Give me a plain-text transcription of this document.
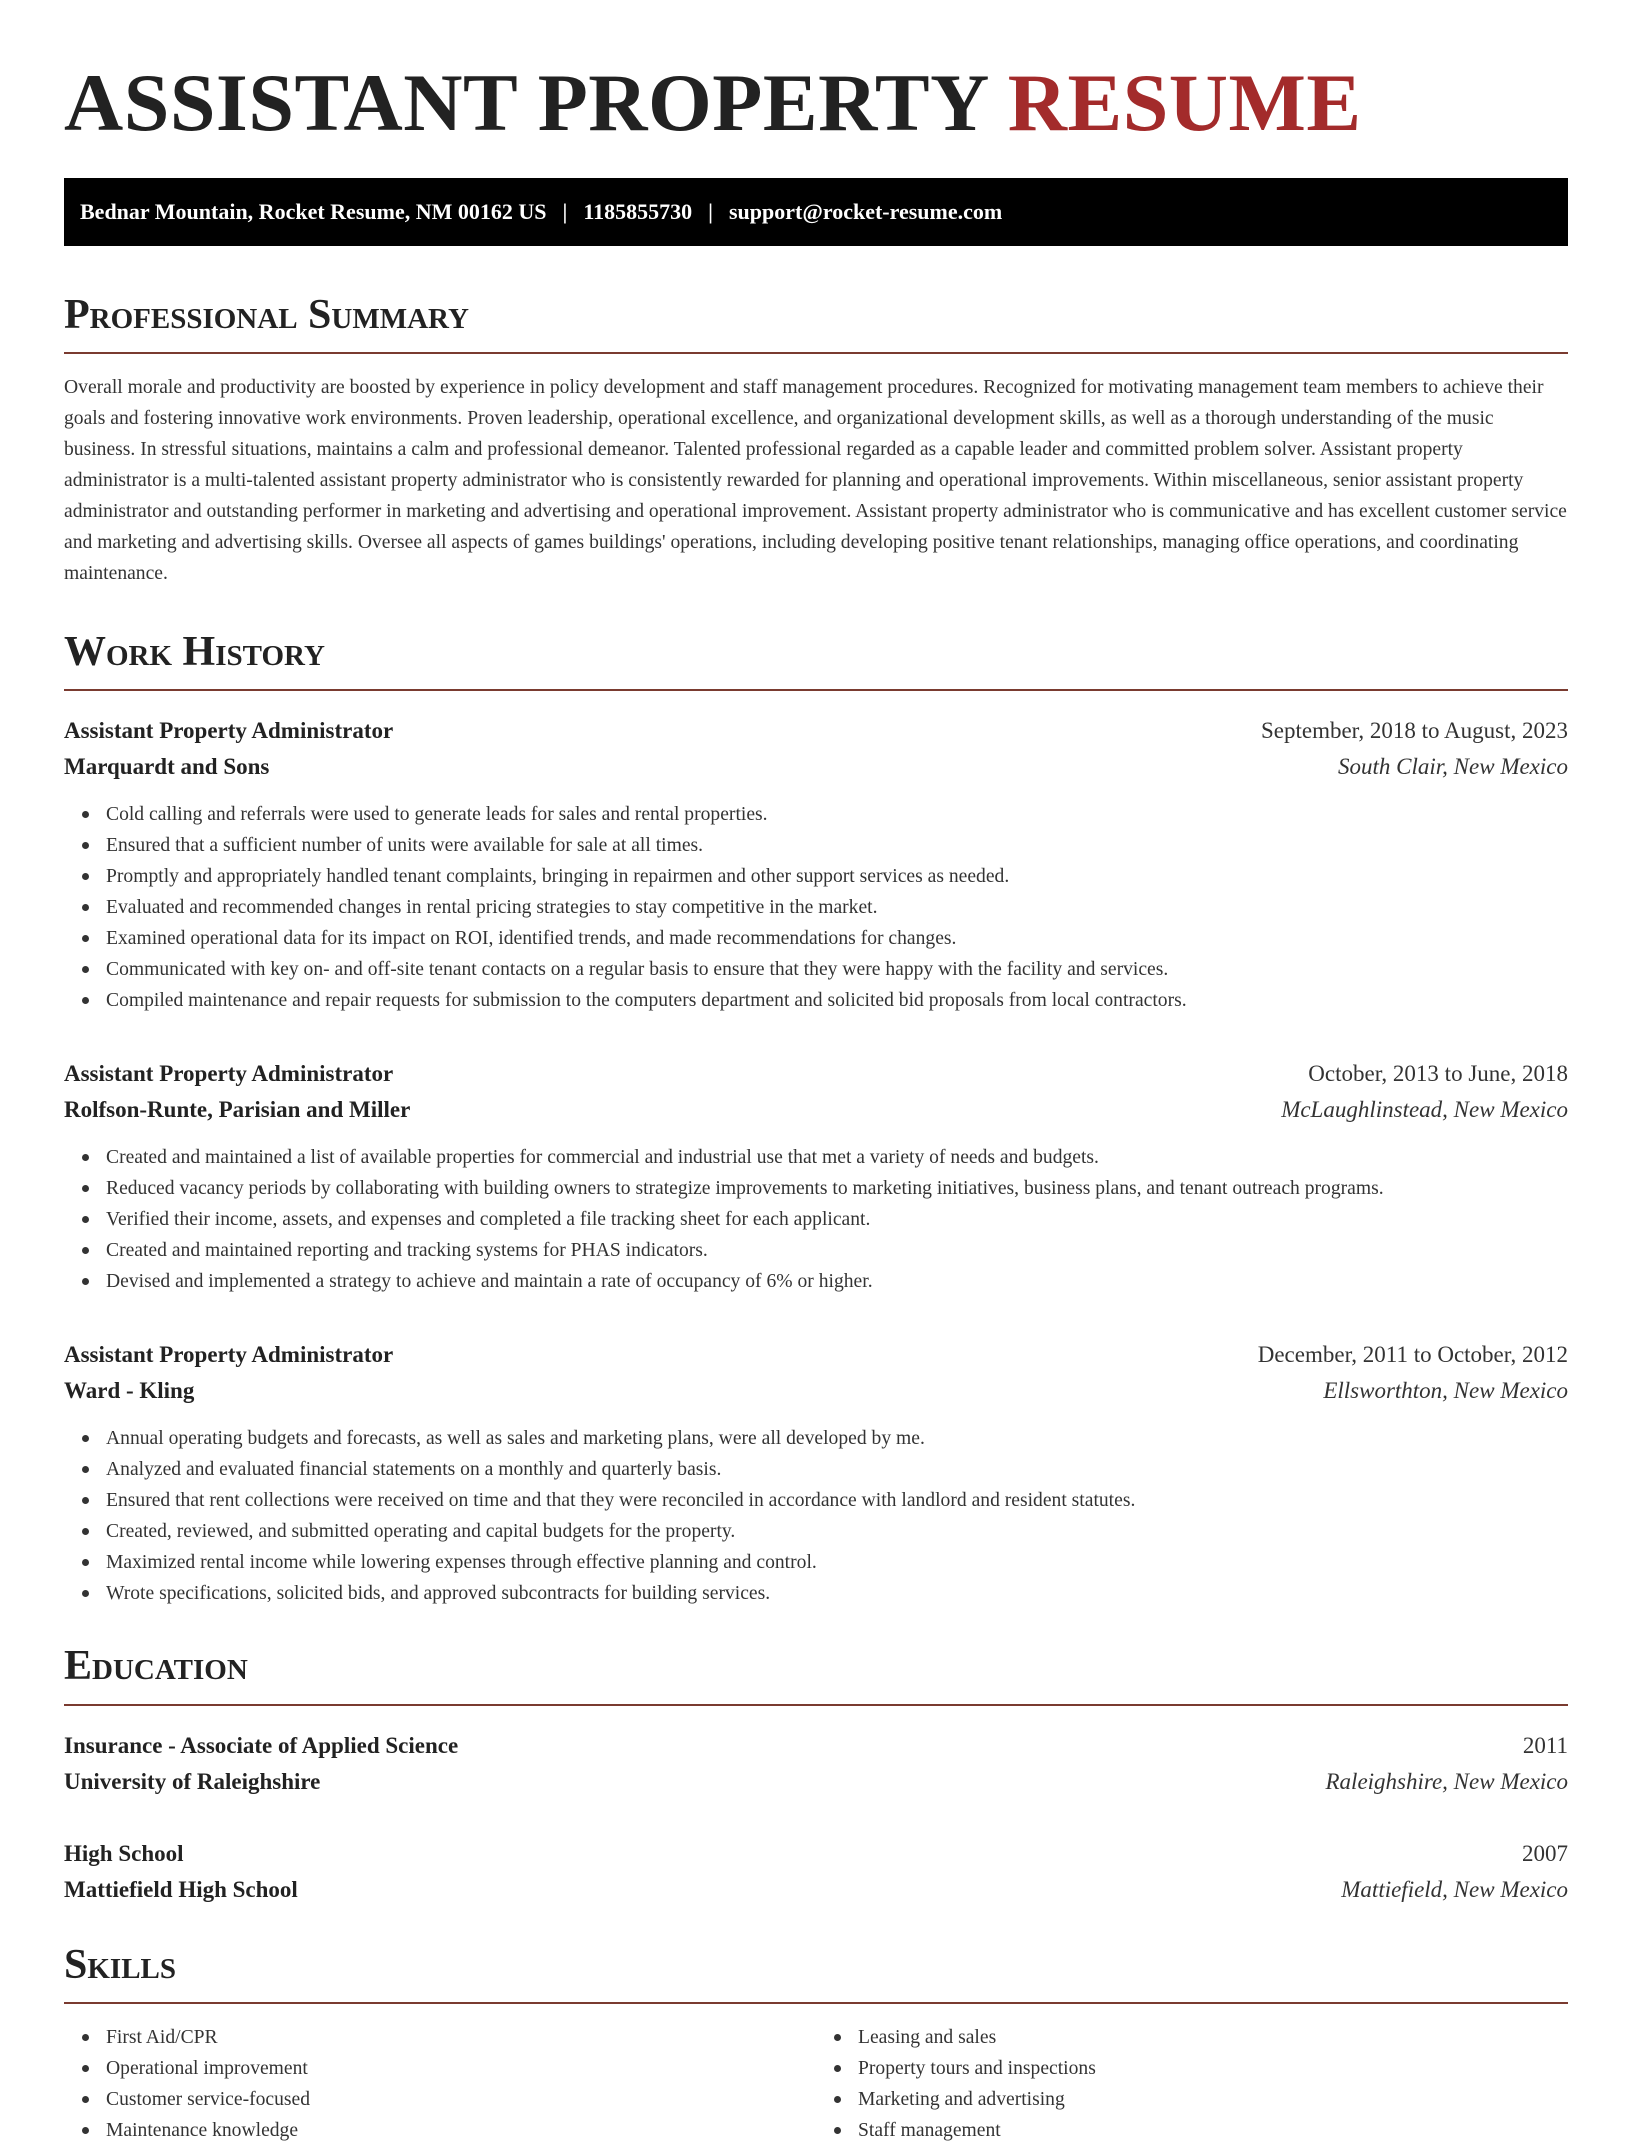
ASSISTANT PROPERTY RESUME
Bednar Mountain, Rocket Resume, NM 00162 US | 1185855730 | support@rocket-resume.com
Professional Summary

Overall morale and productivity are boosted by experience in policy development and staff management procedures. Recognized for motivating management team members to achieve their goals and fostering innovative work environments. Proven leadership, operational excellence, and organizational development skills, as well as a thorough understanding of the music business. In stressful situations, maintains a calm and professional demeanor. Talented professional regarded as a capable leader and committed problem solver. Assistant property administrator is a multi-talented assistant property administrator who is consistently rewarded for planning and operational improvements. Within miscellaneous, senior assistant property administrator and outstanding performer in marketing and advertising and operational improvement. Assistant property administrator who is communicative and has excellent customer service and marketing and advertising skills. Oversee all aspects of games buildings' operations, including developing positive tenant relationships, managing office operations, and coordinating maintenance.

Work History
Assistant Property Administrator	September, 2018 to August, 2023
Marquardt and Sons	South Clair, New Mexico
Cold calling and referrals were used to generate leads for sales and rental properties.
Ensured that a sufficient number of units were available for sale at all times.
Promptly and appropriately handled tenant complaints, bringing in repairmen and other support services as needed.
Evaluated and recommended changes in rental pricing strategies to stay competitive in the market.
Examined operational data for its impact on ROI, identified trends, and made recommendations for changes.
Communicated with key on- and off-site tenant contacts on a regular basis to ensure that they were happy with the facility and services.
Compiled maintenance and repair requests for submission to the computers department and solicited bid proposals from local contractors.
Assistant Property Administrator	October, 2013 to June, 2018
Rolfson-Runte, Parisian and Miller	McLaughlinstead, New Mexico
Created and maintained a list of available properties for commercial and industrial use that met a variety of needs and budgets.
Reduced vacancy periods by collaborating with building owners to strategize improvements to marketing initiatives, business plans, and tenant outreach programs.
Verified their income, assets, and expenses and completed a file tracking sheet for each applicant.
Created and maintained reporting and tracking systems for PHAS indicators.
Devised and implemented a strategy to achieve and maintain a rate of occupancy of 6% or higher.
Assistant Property Administrator	December, 2011 to October, 2012
Ward - Kling	Ellsworthton, New Mexico
Annual operating budgets and forecasts, as well as sales and marketing plans, were all developed by me.
Analyzed and evaluated financial statements on a monthly and quarterly basis.
Ensured that rent collections were received on time and that they were reconciled in accordance with landlord and resident statutes.
Created, reviewed, and submitted operating and capital budgets for the property.
Maximized rental income while lowering expenses through effective planning and control.
Wrote specifications, solicited bids, and approved subcontracts for building services.
Education
Insurance - Associate of Applied Science	2011
University of Raleighshire	Raleighshire, New Mexico
High School	2007
Mattiefield High School	Mattiefield, New Mexico
Skills
First Aid/CPR
Operational improvement
Customer service-focused
Maintenance knowledge
Leasing and sales
Property tours and inspections
Marketing and advertising
Staff management
